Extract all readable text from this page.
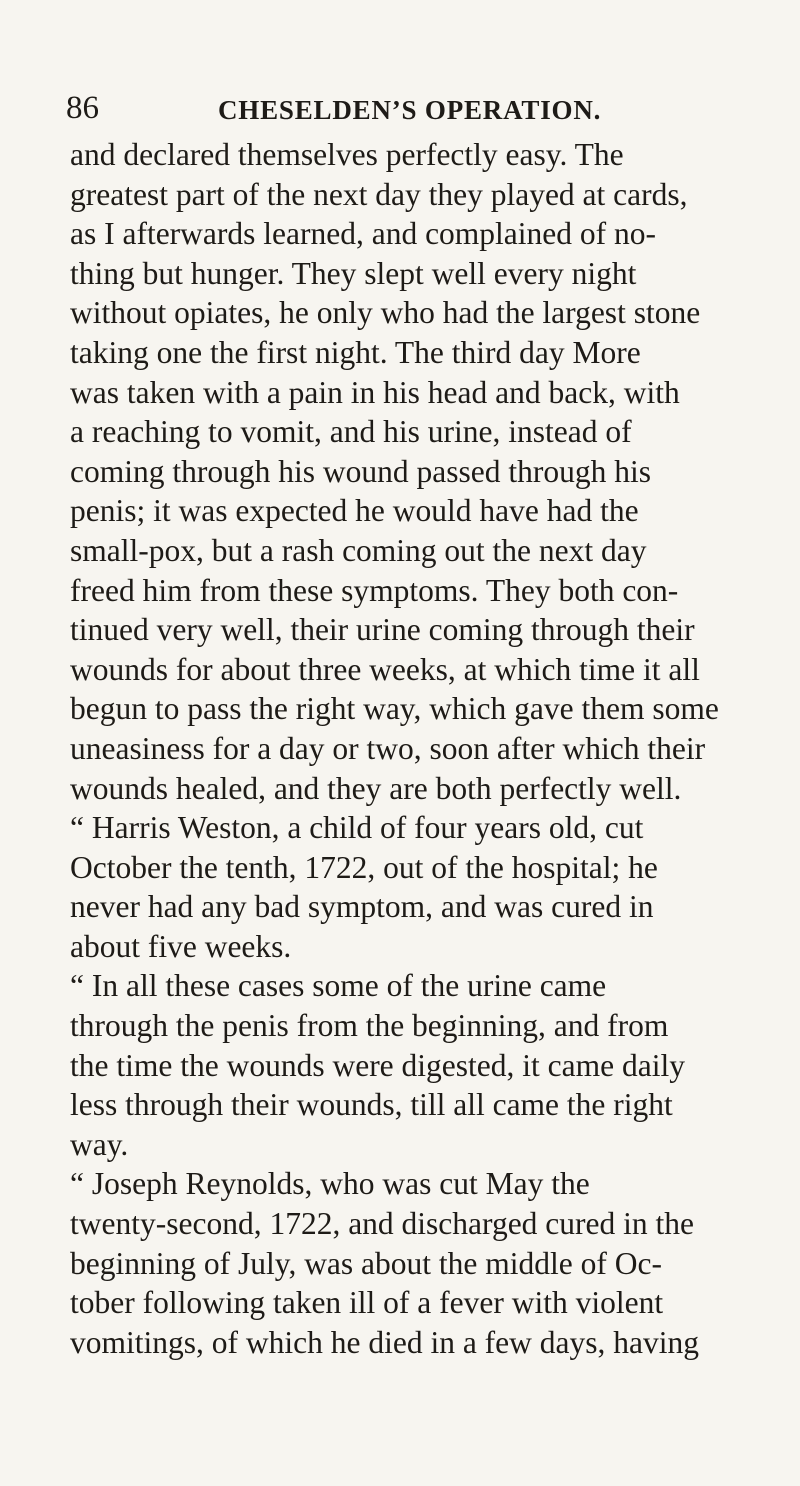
86	CHESELDEN’S OPERATION.
and declared themselves perfectly easy. The
greatest part of the next day they played at cards,
as I afterwards learned, and complained of no-
thing but hunger. They slept well every night
without opiates, he only who had the largest stone
taking one the first night. The third day More
was taken with a pain in his head and back, with
a reaching to vomit, and his urine, instead of
coming through his wound passed through his
penis; it was expected he would have had the
small-pox, but a rash coming out the next day
freed him from these symptoms. They both con-
tinued very well, their urine coming through their
wounds for about three weeks, at which time it all
begun to pass the right way, which gave them some
uneasiness for a day or two, soon after which their
wounds healed, and they are both perfectly well.
“ Harris Weston, a child of four years old, cut
October the tenth, 1722, out of the hospital; he
never had any bad symptom, and was cured in
about five weeks.
“ In all these cases some of the urine came
through the penis from the beginning, and from
the time the wounds were digested, it came daily
less through their wounds, till all came the right
way.
“ Joseph Reynolds, who was cut May the
twenty-second, 1722, and discharged cured in the
beginning of July, was about the middle of Oc-
tober following taken ill of a fever with violent
vomitings, of which he died in a few days, having
